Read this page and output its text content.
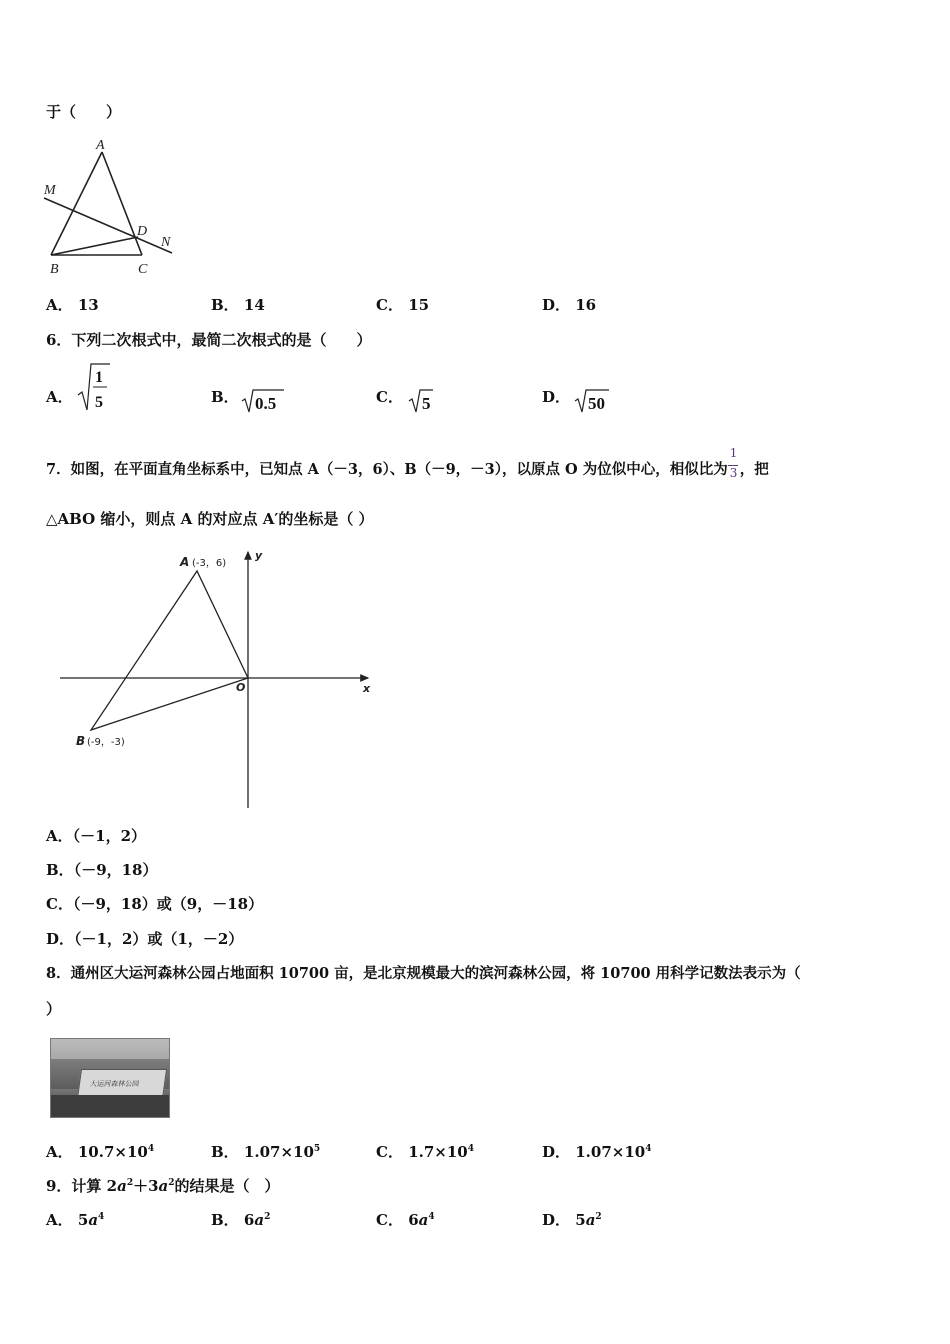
于（　　）
A
M
D
N
B	C
A． 13	B． 14	C． 15	D． 16
6．下列二次根式中，最简二次根式的是（　　）
A．
1
5	B． 0.5	C． 5	D． 50
7．如图，在平面直角坐标系中，已知点 A（－3，6）、B（－9，－3），以原点 O 为位似中心，相似比为 $\frac{1}{3}$ ，把
△ABO 缩小，则点 A 的对应点 A′的坐标是（ ）
A (-3，6)
B (-9，-3)
O	x
y
A．（－1，2）
B．（－9，18）
C．（－9，18）或（9，－18）
D．（－1，2）或（1，－2）
8．通州区大运河森林公园占地面积 10700 亩，是北京规模最大的滨河森林公园，将 10700 用科学记数法表示为（
）
大运河森林公园
A． $10.7\times 10^4$	B． $1.07\times 10^5$	C． $1.7\times 10^4$	D． $1.07\times 10^4$
9．计算 $2a^2+3a^2$的结果是（　）
A． $5a^4$	B． $6a^2$	C． $6a^4$	D． $5a^2$
